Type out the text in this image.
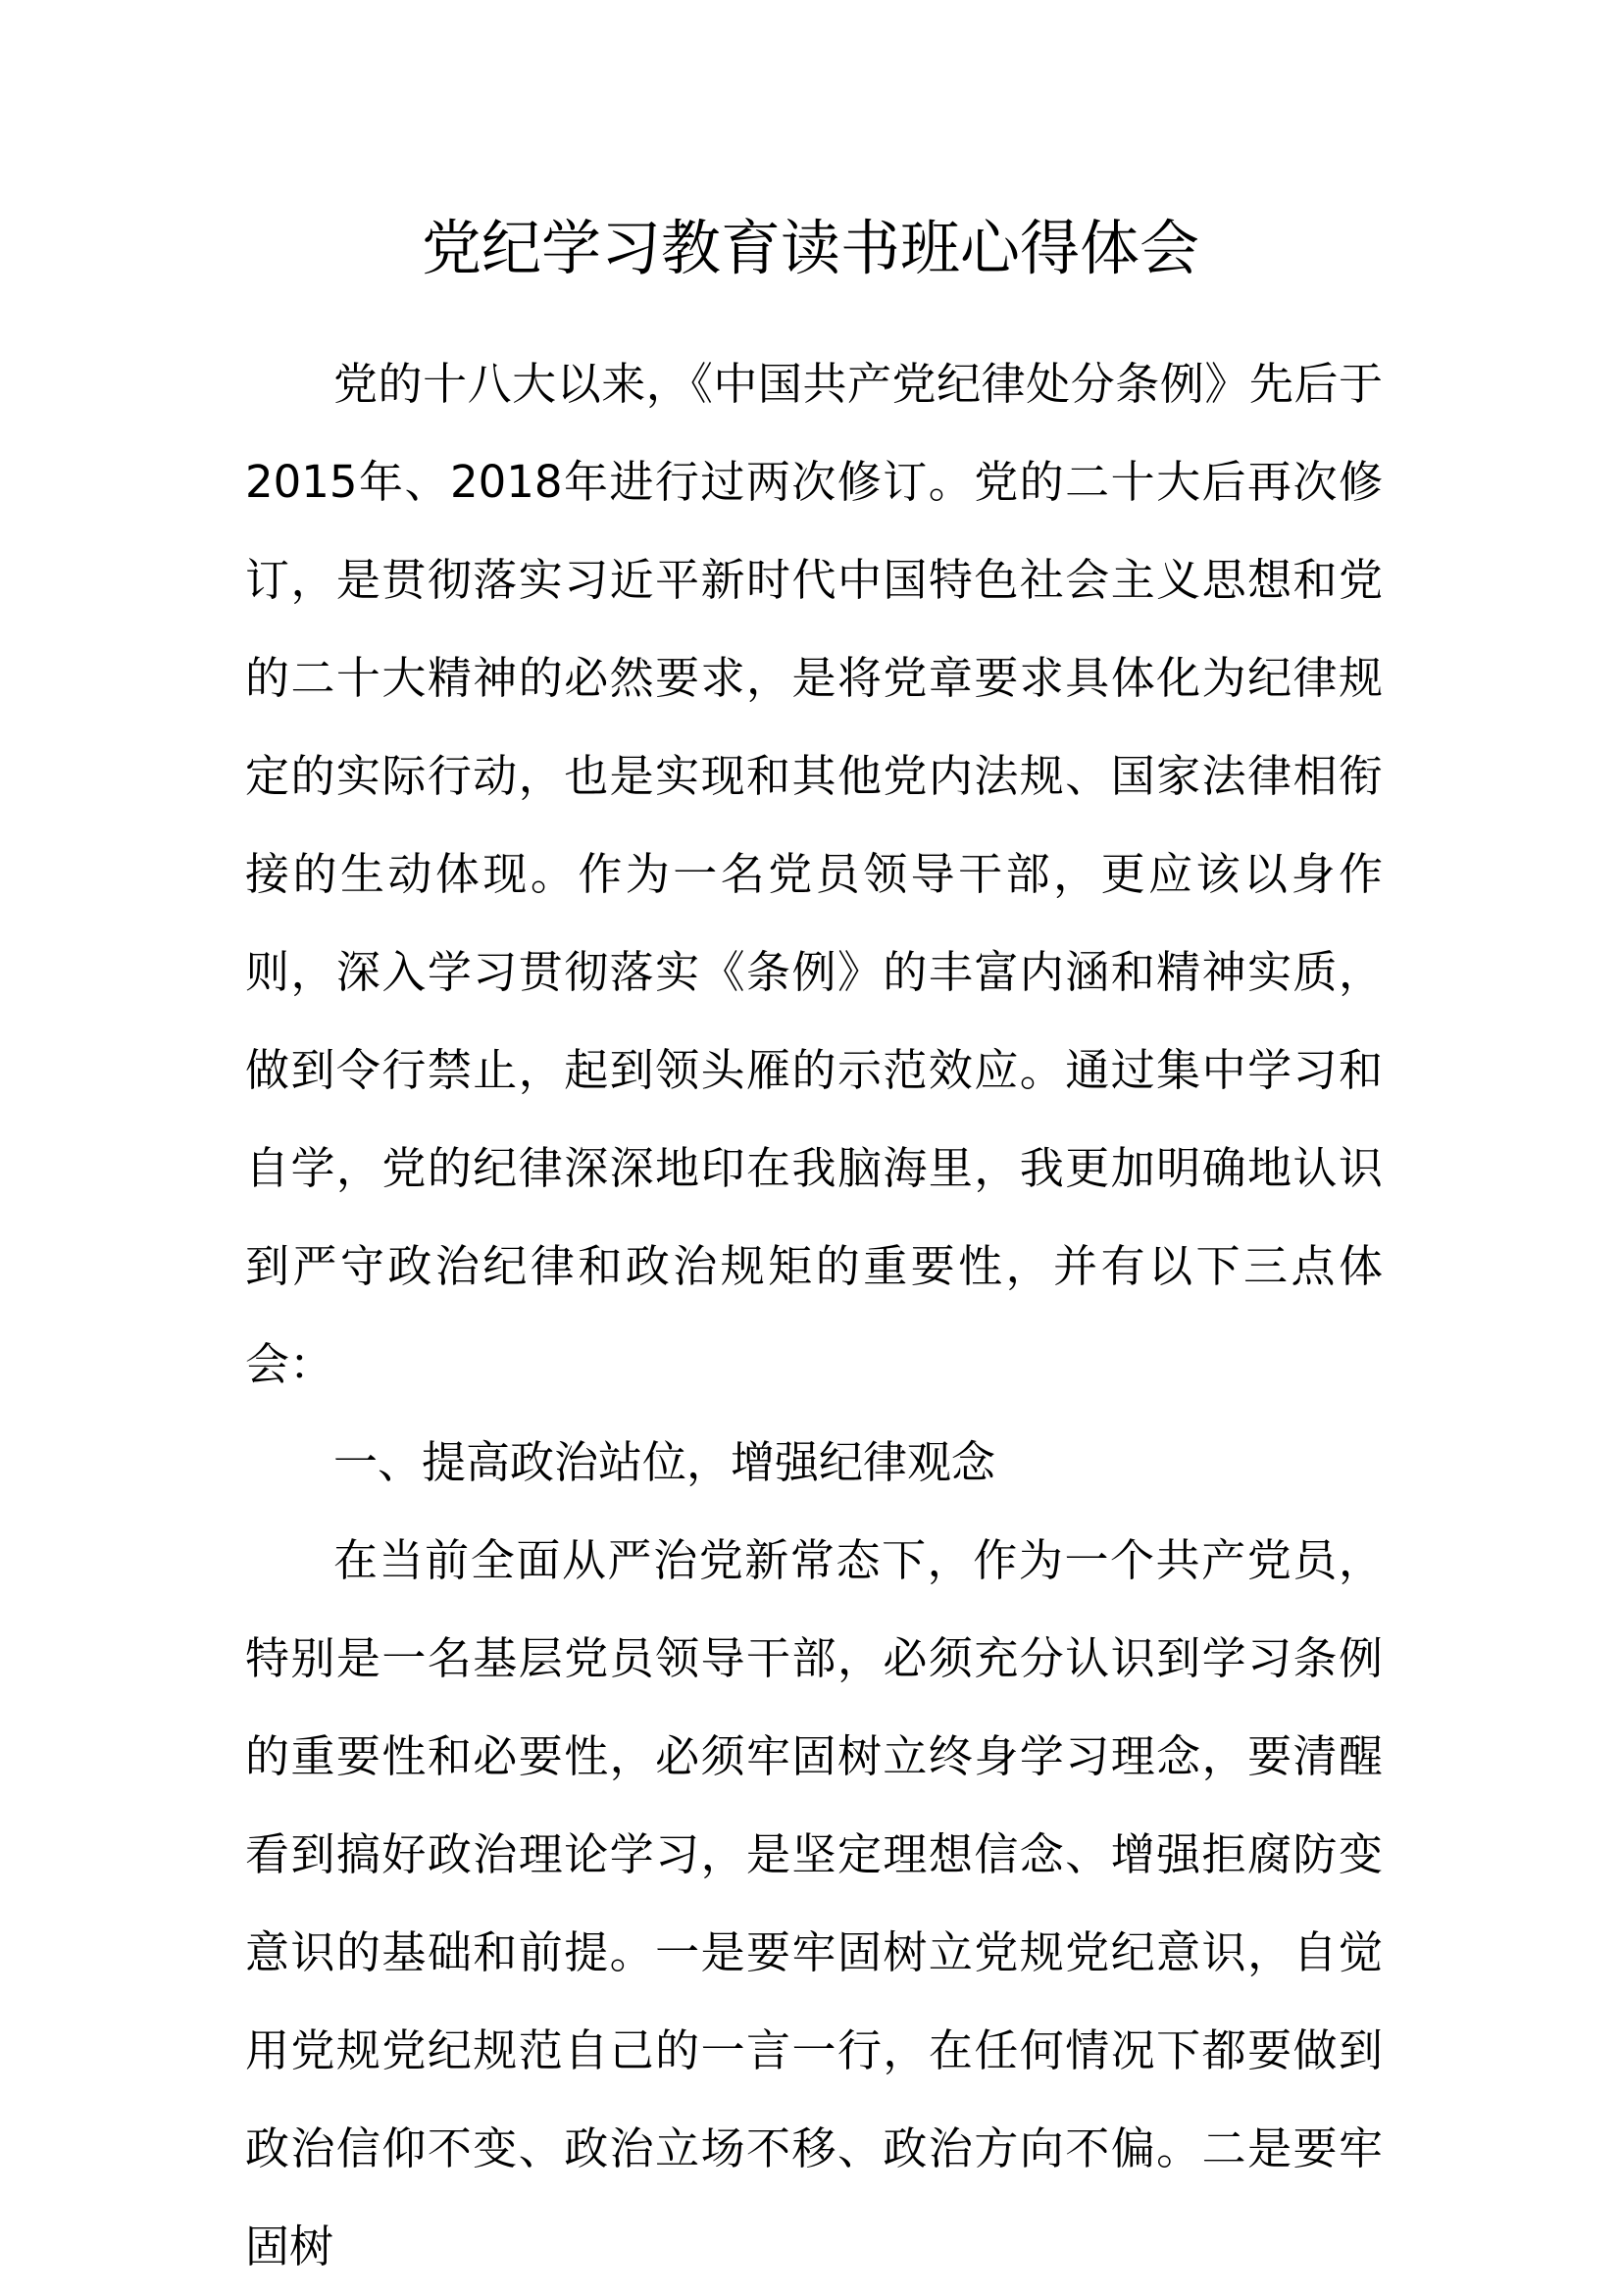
党纪学习教育读书班心得体会

党的十八大以来，《中国共产党纪律处分条例》先后于2015年、2018年进行过两次修订。党的二十大后再次修订，是贯彻落实习近平新时代中国特色社会主义思想和党的二十大精神的必然要求，是将党章要求具体化为纪律规定的实际行动，也是实现和其他党内法规、国家法律相衔接的生动体现。作为一名党员领导干部，更应该以身作则，深入学习贯彻落实《条例》的丰富内涵和精神实质，做到令行禁止，起到领头雁的示范效应。通过集中学习和自学，党的纪律深深地印在我脑海里，我更加明确地认识到严守政治纪律和政治规矩的重要性，并有以下三点体会：

一、提高政治站位，增强纪律观念

在当前全面从严治党新常态下，作为一个共产党员，特别是一名基层党员领导干部，必须充分认识到学习条例的重要性和必要性，必须牢固树立终身学习理念，要清醒看到搞好政治理论学习，是坚定理想信念、增强拒腐防变意识的基础和前提。一是要牢固树立党规党纪意识，自觉用党规党纪规范自己的一言一行，在任何情况下都要做到政治信仰不变、政治立场不移、政治方向不偏。二是要牢固树
